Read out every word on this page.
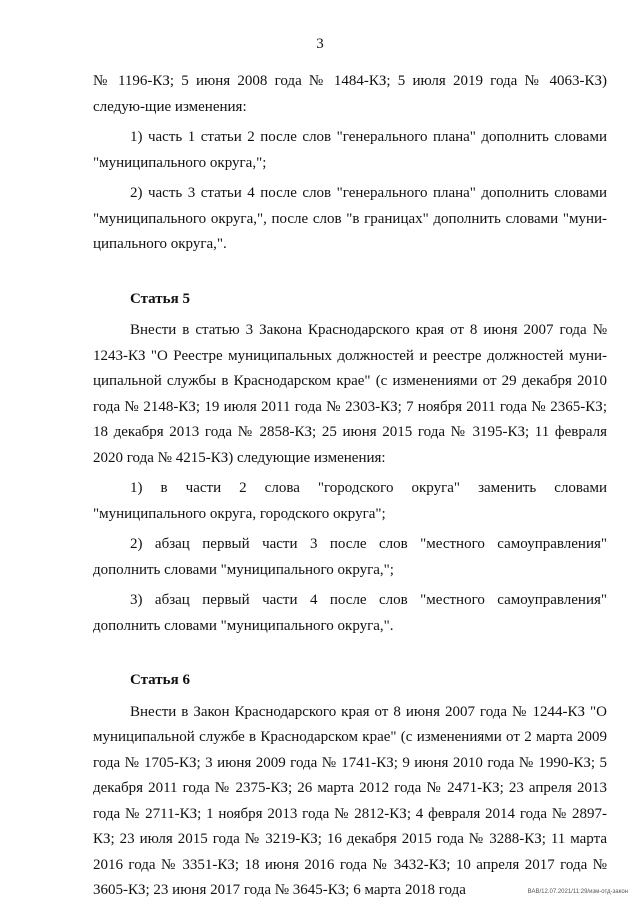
3

№ 1196-КЗ; 5 июня 2008 года № 1484-КЗ; 5 июля 2019 года № 4063-КЗ) следую-щие изменения:

1) часть 1 статьи 2 после слов "генерального плана" дополнить словами "муниципального округа,";

2) часть 3 статьи 4 после слов "генерального плана" дополнить словами "муниципального округа,", после слов "в границах" дополнить словами "муни-ципального округа,".

Статья 5

Внести в статью 3 Закона Краснодарского края от 8 июня 2007 года № 1243-КЗ "О Реестре муниципальных должностей и реестре должностей муни-ципальной службы в Краснодарском крае" (с изменениями от 29 декабря 2010 года № 2148-КЗ; 19 июля 2011 года № 2303-КЗ; 7 ноября 2011 года № 2365-КЗ; 18 декабря 2013 года № 2858-КЗ; 25 июня 2015 года № 3195-КЗ; 11 февраля 2020 года № 4215-КЗ) следующие изменения:

1) в части 2 слова "городского округа" заменить словами "муниципального округа, городского округа";

2) абзац первый части 3 после слов "местного самоуправления" дополнить словами "муниципального округа,";

3) абзац первый части 4 после слов "местного самоуправления" дополнить словами "муниципального округа,".

Статья 6

Внести в Закон Краснодарского края от 8 июня 2007 года № 1244-КЗ "О муниципальной службе в Краснодарском крае" (с изменениями от 2 марта 2009 года № 1705-КЗ; 3 июня 2009 года № 1741-КЗ; 9 июня 2010 года № 1990-КЗ; 5 декабря 2011 года № 2375-КЗ; 26 марта 2012 года № 2471-КЗ; 23 апреля 2013 года № 2711-КЗ; 1 ноября 2013 года № 2812-КЗ; 4 февраля 2014 года № 2897-КЗ; 23 июля 2015 года № 3219-КЗ; 16 декабря 2015 года № 3288-КЗ; 11 марта 2016 года № 3351-КЗ; 18 июня 2016 года № 3432-КЗ; 10 апреля 2017 года № 3605-КЗ; 23 июня 2017 года № 3645-КЗ; 6 марта 2018 года	ВАВ/12.07.2021/11:29/изм-отд-закон
